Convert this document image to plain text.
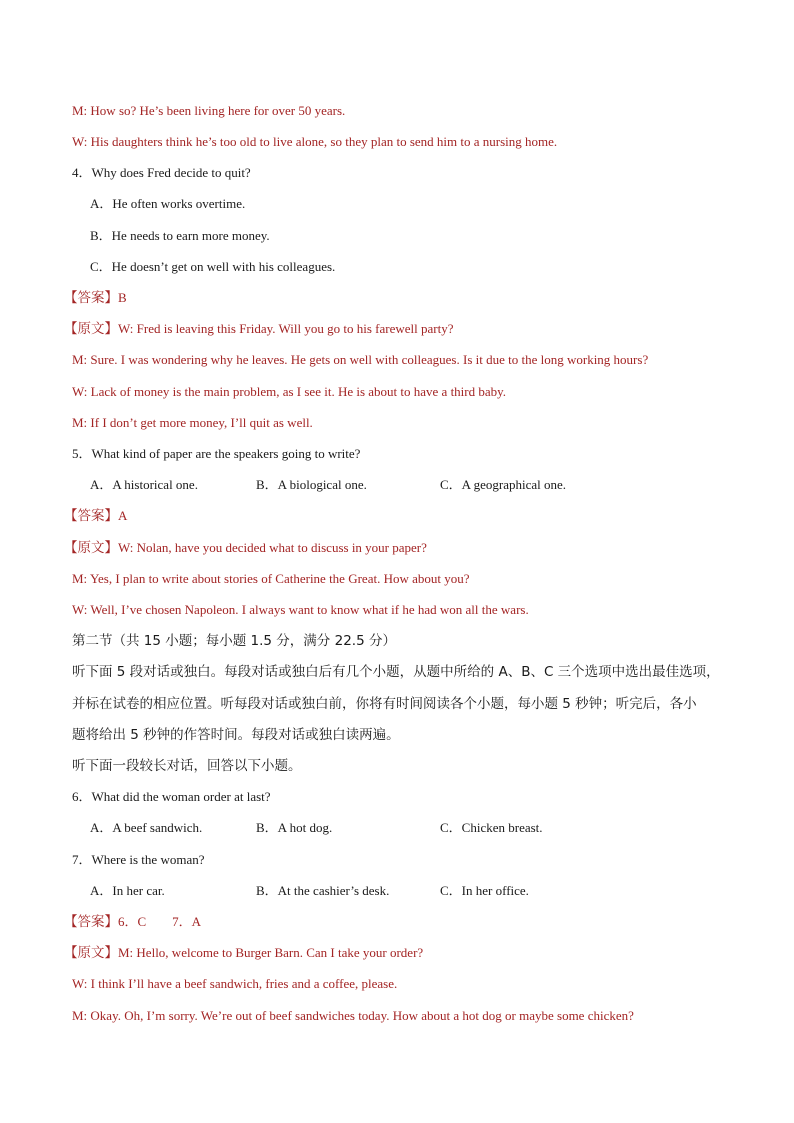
M: How so? He’s been living here for over 50 years.
W: His daughters think he’s too old to live alone, so they plan to send him to a nursing home.
4．Why does Fred decide to quit?
A．He often works overtime.
B．He needs to earn more money.
C．He doesn’t get on well with his colleagues.
【答案】B
【原文】W: Fred is leaving this Friday. Will you go to his farewell party?
M: Sure. I was wondering why he leaves. He gets on well with colleagues. Is it due to the long working hours?
W: Lack of money is the main problem, as I see it. He is about to have a third baby.
M: If I don’t get more money, I’ll quit as well.
5．What kind of paper are the speakers going to write?
A．A historical one.	B．A biological one.	C．A geographical one.
【答案】A
【原文】W: Nolan, have you decided what to discuss in your paper?
M: Yes, I plan to write about stories of Catherine the Great. How about you?
W: Well, I’ve chosen Napoleon. I always want to know what if he had won all the wars.
第二节（共 15 小题；每小题 1.5 分，满分 22.5 分）
听下面 5 段对话或独白。每段对话或独白后有几个小题，从题中所给的 A、B、C 三个选项中选出最佳选项，
并标在试卷的相应位置。听每段对话或独白前，你将有时间阅读各个小题，每小题 5 秒钟；听完后，各小
题将给出 5 秒钟的作答时间。每段对话或独白读两遍。
听下面一段较长对话，回答以下小题。
6．What did the woman order at last?
A．A beef sandwich.	B．A hot dog.	C．Chicken breast.
7．Where is the woman?
A．In her car.	B．At the cashier’s desk.	C．In her office.
【答案】6．C　　7．A
【原文】M: Hello, welcome to Burger Barn. Can I take your order?
W: I think I’ll have a beef sandwich, fries and a coffee, please.
M: Okay. Oh, I’m sorry. We’re out of beef sandwiches today. How about a hot dog or maybe some chicken?
